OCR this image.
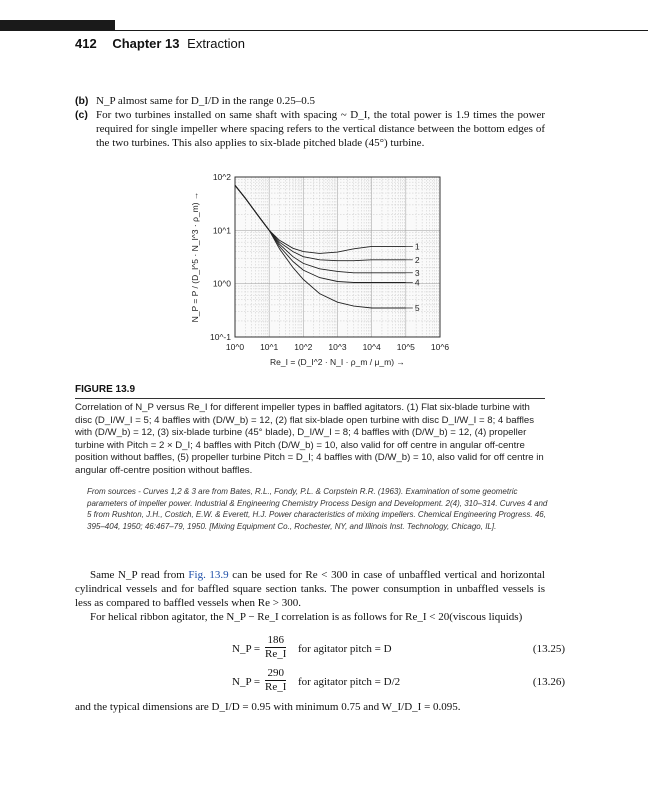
412 Chapter 13 Extraction
(b) N_P almost same for D_I/D in the range 0.25–0.5
(c) For two turbines installed on same shaft with spacing ~ D_I, the total power is 1.9 times the power required for single impeller where spacing refers to the vertical distance between the bottom edges of the two turbines. This also applies to six-blade pitched blade (45°) turbine.
10^0 10^1 10^2 10^3 10^4 10^5 10^6
10^-1
10^0
10^1
10^2
1
2
3
4
5
Re_I = (D_I^2 · N_I · ρ_m / μ_m) →
N_P = P / (D_I^5 · N_I^3 · ρ_m) →
FIGURE 13.9
Correlation of N_P versus Re_I for different impeller types in baffled agitators. (1) Flat six-blade turbine with disc (D_I/W_I = 5; 4 baffles with (D/W_b) = 12, (2) flat six-blade open turbine with disc D_I/W_I = 8; 4 baffles with (D/W_b) = 12, (3) six-blade turbine (45° blade), D_I/W_I = 8; 4 baffles with (D/W_b) = 12, (4) propeller turbine with Pitch = 2 × D_I; 4 baffles with Pitch (D/W_b) = 10, also valid for off centre in angular off-centre position without baffles, (5) propeller turbine Pitch = D_I; 4 baffles with (D/W_b) = 10, also valid for off centre in angular off-centre position without baffles.
From sources - Curves 1,2 & 3 are from Bates, R.L., Fondy, P.L. & Corpstein R.R. (1963). Examination of some geometric parameters of impeller power. Industrial & Engineering Chemistry Process Design and Development. 2(4), 310–314. Curves 4 and 5 from Rushton, J.H., Costich, E.W. & Everett, H.J. Power characteristics of mixing impellers. Chemical Engineering Progress. 46, 395–404, 1950; 46:467–79, 1950. [Mixing Equipment Co., Rochester, NY, and Illinois Inst. Technology, Chicago, IL].

Same N_P read from Fig. 13.9 can be used for Re < 300 in case of unbaffled vertical and horizontal cylindrical vessels and for baffled square section tanks. The power consumption in unbaffled vessels is less as compared to baffled vessels when Re > 300.

For helical ribbon agitator, the N_P − Re_I correlation is as follows for Re_I < 20(viscous liquids)

N_P = $\frac{186}{Re\_I}$ for agitator pitch = D	(13.25)
N_P = $\frac{290}{Re\_I}$ for agitator pitch = D/2	(13.26)
and the typical dimensions are D_I/D = 0.95 with minimum 0.75 and W_I/D_I = 0.095.
